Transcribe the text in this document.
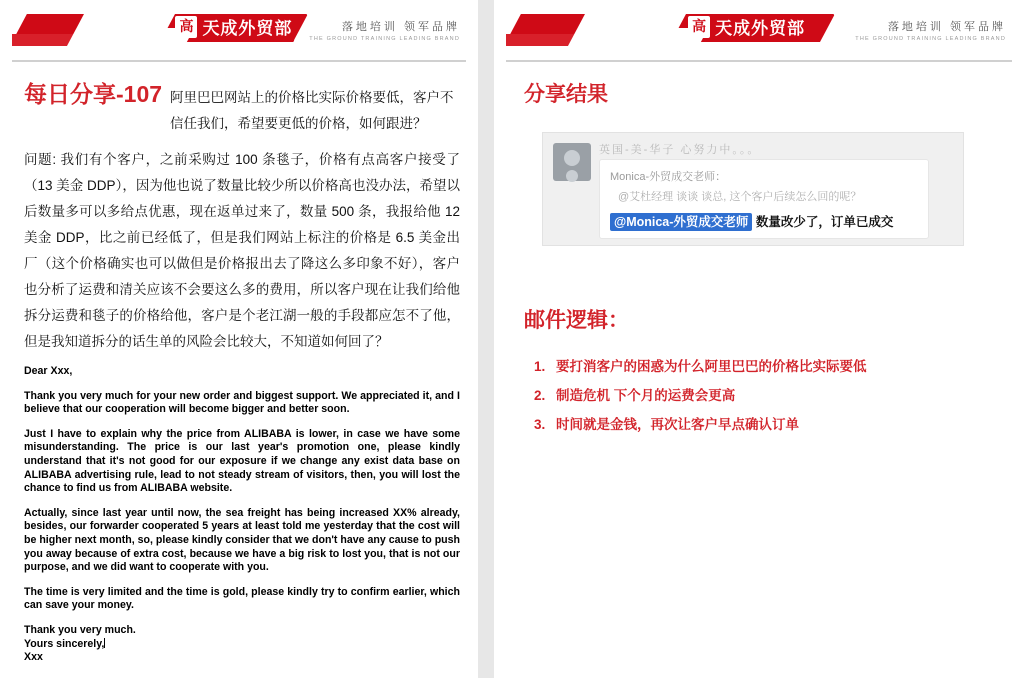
高 天成外贸部
TIANCHENGWAIMAOBU
落地培训 领军品牌
THE GROUND TRAINING LEADING BRAND
每日分享-107 阿里巴巴网站上的价格比实际价格要低，客户不信任我们，希望要更低的价格，如何跟进？
问题: 我们有个客户，之前采购过 100 条毯子，价格有点高客户接受了（13 美金 DDP），因为他也说了数量比较少所以价格高也没办法，希望以后数量多可以多给点优惠，现在返单过来了，数量 500 条，我报给他 12 美金 DDP，比之前已经低了，但是我们网站上标注的价格是 6.5 美金出厂（这个价格确实也可以做但是价格报出去了降这么多印象不好），客户也分析了运费和清关应该不会要这么多的费用，所以客户现在让我们给他拆分运费和毯子的价格给他，客户是个老江湖一般的手段都应怎不了他，但是我知道拆分的话生单的风险会比较大，不知道如何回了？

Dear Xxx,

Thank you very much for your new order and biggest support. We appreciated it, and I believe that our cooperation will become bigger and better soon.

Just I have to explain why the price from ALIBABA is lower, in case we have some misunderstanding. The price is our last year's promotion one, please kindly understand that it's not good for our exposure if we change any exist data base on ALIBABA advertising rule, lead to not steady stream of visitors, then, you will lost the chance to find us from ALIBABA website.

Actually, since last year until now, the sea freight has being increased XX% already, besides, our forwarder cooperated 5 years at least told me yesterday that the cost will be higher next month, so, please kindly consider that we don't have any cause to push you away because of extra cost, because we have a big risk to lost you, that is not our purpose, and we did want to cooperate with you.

The time is very limited and the time is gold, please kindly try to confirm earlier, which can save your money.

Thank you very much.

Yours sincerely,

Xxx

高 天成外贸部
TIANCHENGWAIMAOBU
落地培训 领军品牌
THE GROUND TRAINING LEADING BRAND
分享结果
英国-美-华子 心努力中。。。
Monica-外贸成交老师：
@艾杜经理 谈谈 谈总, 这个客户后续怎么回的呢？
@Monica-外贸成交老师 数量改少了，订单已成交
邮件逻辑：
1. 要打消客户的困惑为什么阿里巴巴的价格比实际要低
2. 制造危机 下个月的运费会更高
3. 时间就是金钱，再次让客户早点确认订单
